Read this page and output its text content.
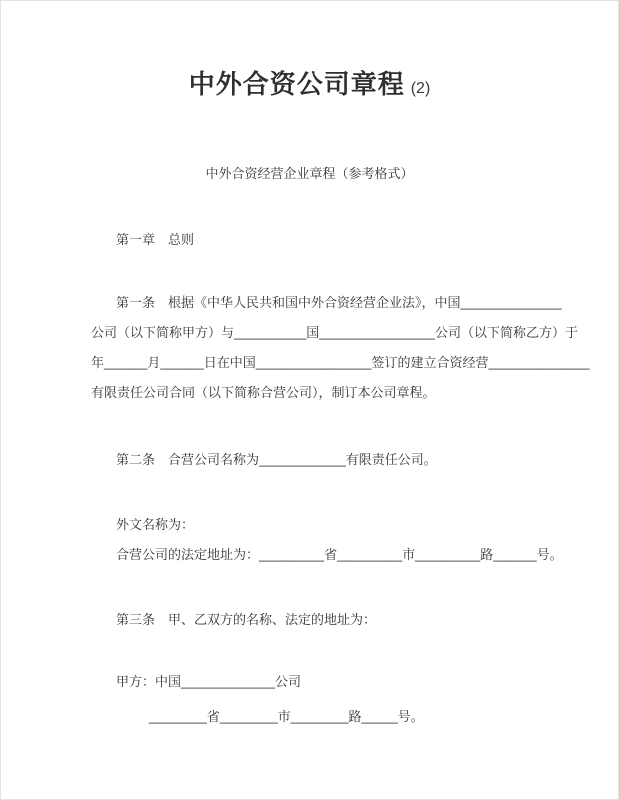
中外合资公司章程 (2)
中外合资经营企业章程（参考格式）

第一章　总则

第一条　根据《中华人民共和国中外合资经营企业法》，中国______________
公司（以下简称甲方）与__________国________________公司（以下简称乙方）于
年______月______日在中国________________签订的建立合资经营______________
有限责任公司合同（以下简称合营公司），制订本公司章程。

第二条　合营公司名称为____________有限责任公司。

外文名称为：

合营公司的法定地址为：_________省_________市_________路______号。

第三条　甲、乙双方的名称、法定的地址为：

甲方：中国_____________公司
________省________市________路_____号。
